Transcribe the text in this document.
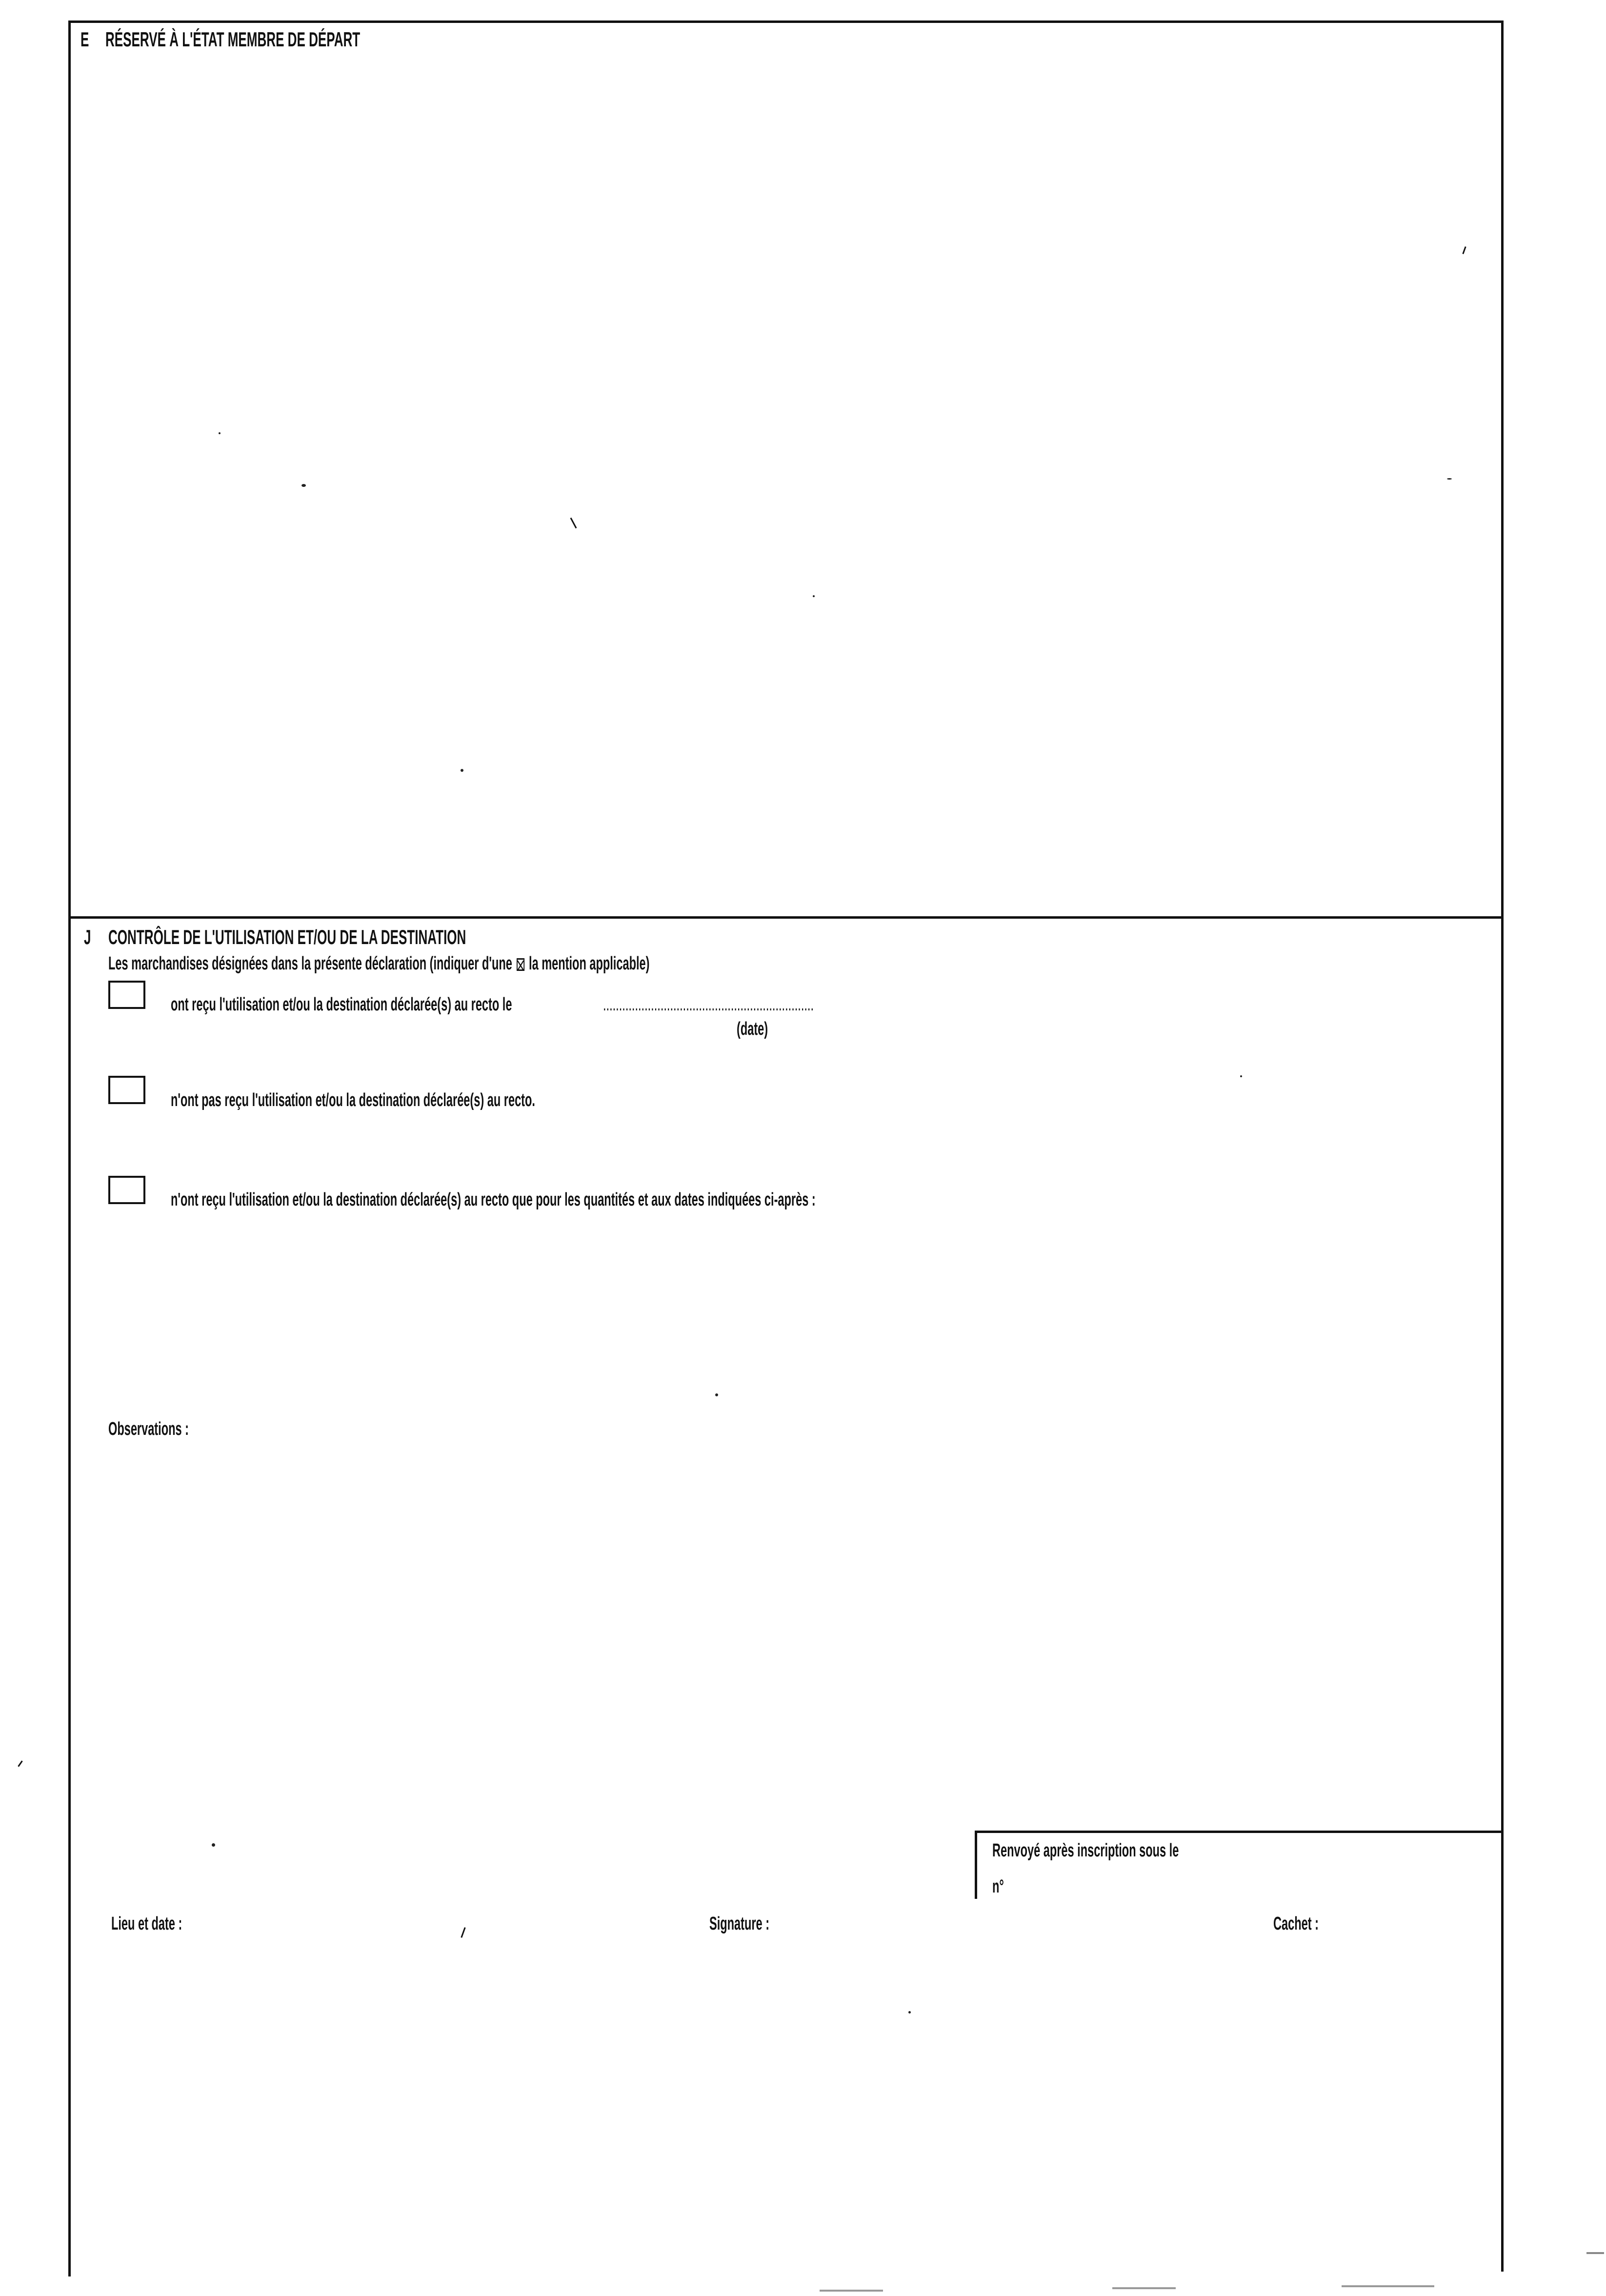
E RÉSERVÉ À L'ÉTAT MEMBRE DE DÉPART
J CONTRÔLE DE L'UTILISATION ET/OU DE LA DESTINATION
Les marchandises désignées dans la présente déclaration (indiquer d'une la mention applicable)
ont reçu l'utilisation et/ou la destination déclarée(s) au recto le	..................................................................
(date)
n'ont pas reçu l'utilisation et/ou la destination déclarée(s) au recto.
n'ont reçu l'utilisation et/ou la destination déclarée(s) au recto que pour les quantités et aux dates indiquées ci-après :
Observations :
Renvoyé après inscription sous le
n°
Lieu et date :	Signature :	Cachet :
